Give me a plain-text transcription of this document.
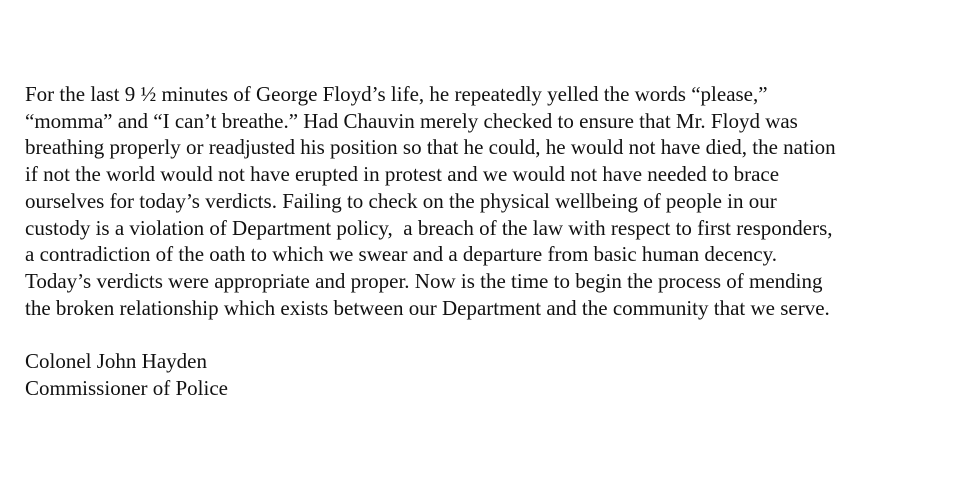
For the last 9 ½ minutes of George Floyd’s life, he repeatedly yelled the words “please,”
“momma” and “I can’t breathe.” Had Chauvin merely checked to ensure that Mr. Floyd was
breathing properly or readjusted his position so that he could, he would not have died, the nation
if not the world would not have erupted in protest and we would not have needed to brace
ourselves for today’s verdicts. Failing to check on the physical wellbeing of people in our
custody is a violation of Department policy,  a breach of the law with respect to first responders,
a contradiction of the oath to which we swear and a departure from basic human decency.
Today’s verdicts were appropriate and proper. Now is the time to begin the process of mending
the broken relationship which exists between our Department and the community that we serve.
Colonel John Hayden
Commissioner of Police
